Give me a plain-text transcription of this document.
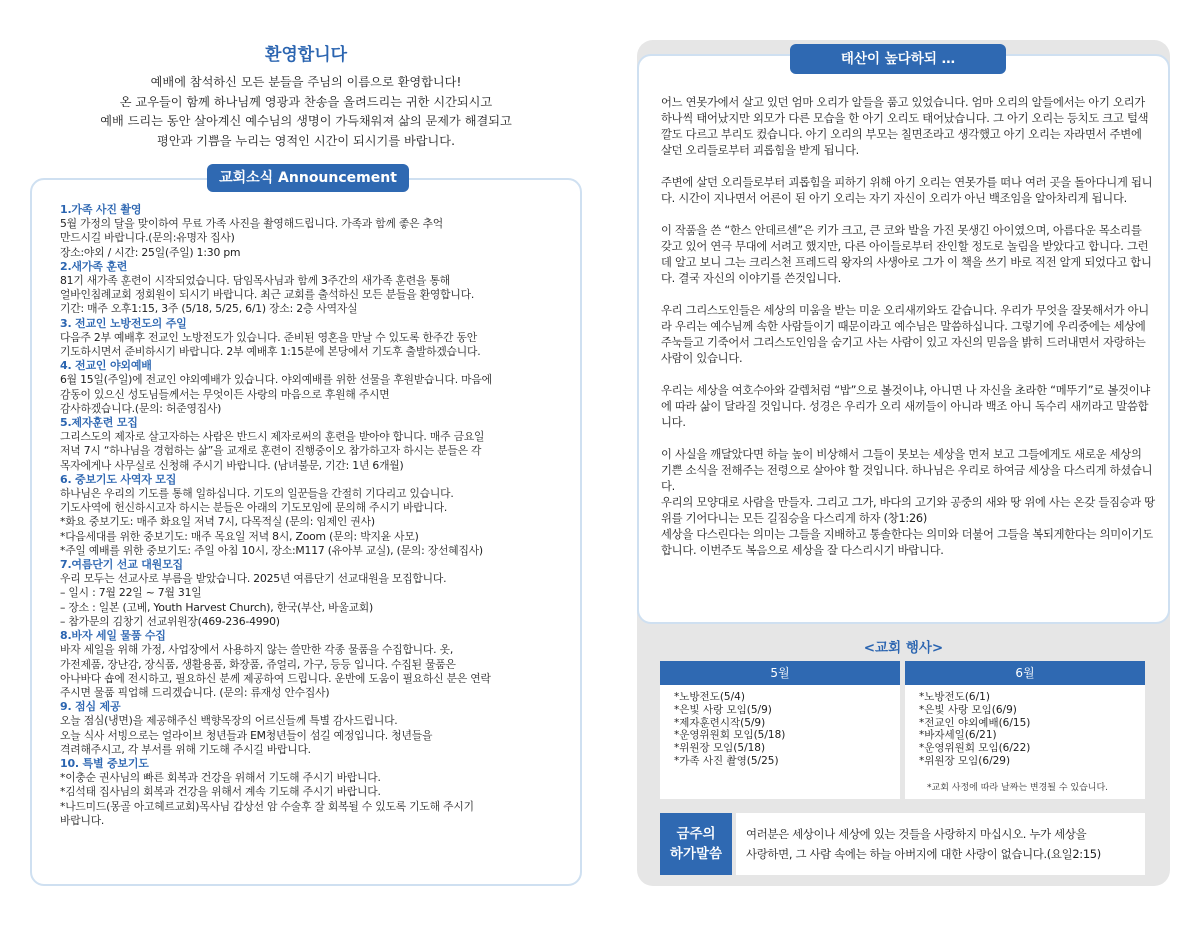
환영합니다
예배에 참석하신 모든 분들을 주님의 이름으로 환영합니다!
온 교우들이 함께 하나님께 영광과 찬송을 올려드리는 귀한 시간되시고
예배 드리는 동안 살아계신 예수님의 생명이 가득채워져 삶의 문제가 해결되고
평안과 기쁨을 누리는 영적인 시간이 되시기를 바랍니다.
교회소식 Announcement
1.가족 사진 촬영
5월 가정의 달을 맞이하여 무료 가족 사진을 촬영해드립니다. 가족과 함께 좋은 추억
만드시길 바랍니다.(문의:유명자 집사)
장소:야외 / 시간: 25일(주일) 1:30 pm
2.새가족 훈련
81기 새가족 훈련이 시작되었습니다. 담임목사님과 함께 3주간의 새가족 훈련을 통해
얼바인침례교회 정회원이 되시기 바랍니다. 최근 교회를 출석하신 모든 분들을 환영합니다.
기간: 매주 오후1:15, 3주 (5/18, 5/25, 6/1) 장소: 2층 사역자실
3. 전교인 노방전도의 주일
다음주 2부 예배후 전교인 노방전도가 있습니다. 준비된 영혼을 만날 수 있도록 한주간 동안
기도하시면서 준비하시기 바랍니다. 2부 예배후 1:15분에 본당에서 기도후 출발하겠습니다.
4. 전교인 야외예배
6월 15일(주일)에 전교인 야외예배가 있습니다. 야외예배를 위한 선물을 후원받습니다. 마음에
감동이 있으신 성도님들께서는 무엇이든 사랑의 마음으로 후원해 주시면
감사하겠습니다.(문의: 허준영집사)
5.제자훈련 모집
그리스도의 제자로 살고자하는 사람은 반드시 제자로써의 훈련을 받아야 합니다. 매주 금요일
저녁 7시 “하나님을 경험하는 삶”을 교재로 훈련이 진행중이오 참가하고자 하시는 분들은 각
목자에게나 사무실로 신청해 주시기 바랍니다. (남녀불문, 기간: 1년 6개월)
6. 중보기도 사역자 모집
하나님은 우리의 기도를 통해 일하십니다. 기도의 일꾼들을 간절히 기다리고 있습니다.
기도사역에 헌신하시고자 하시는 분들은 아래의 기도모임에 문의해 주시기 바랍니다.
*화요 중보기도: 매주 화요일 저녁 7시, 다목적실 (문의: 임제인 권사)
*다음세대를 위한 중보기도: 매주 목요일 저녁 8시, Zoom (문의: 박지윤 사모)
*주일 예배를 위한 중보기도: 주일 아침 10시, 장소:M117 (유아부 교실), (문의: 장선혜집사)
7.여름단기 선교 대원모집
우리 모두는 선교사로 부름을 받았습니다. 2025년 여름단기 선교대원을 모집합니다.
– 일시 : 7월 22일 ~ 7월 31일
– 장소 : 일본 (고베, Youth Harvest Church), 한국(부산, 바울교회)
– 참가문의 김창기 선교위원장(469-236-4990)
8.바자 세일 물품 수집
바자 세일을 위해 가정, 사업장에서 사용하지 않는 쓸만한 각종 물품을 수집합니다. 옷,
가전제품, 장난감, 장식품, 생활용품, 화장품, 쥬얼리, 가구, 등등 입니다. 수집된 물품은
아나바다 숍에 전시하고, 필요하신 분께 제공하여 드립니다. 운반에 도움이 필요하신 분은 연락
주시면 물품 픽업해 드리겠습니다. (문의: 류재성 안수집사)
9. 점심 제공
오늘 점심(냉면)을 제공해주신 백향목장의 어르신들께 특별 감사드립니다.
오늘 식사 서빙으로는 얼라이브 청년들과 EM청년들이 섬길 예정입니다. 청년들을
격려해주시고, 각 부서를 위해 기도해 주시길 바랍니다.
10. 특별 중보기도
*이충순 권사님의 빠른 회복과 건강을 위해서 기도해 주시기 바랍니다.
*김석태 집사님의 회복과 건강을 위해서 계속 기도해 주시기 바랍니다.
*나드미드(몽골 아고헤르교회)목사님 갑상선 암 수술후 잘 회복될 수 있도록 기도해 주시기
바랍니다.
태산이 높다하되 …

어느 연못가에서 살고 있던 엄마 오리가 알들을 품고 있었습니다. 엄마 오리의 알들에서는 아기 오리가 하나씩 태어났지만 외모가 다른 모습을 한 아기 오리도 태어났습니다. 그 아기 오리는 등치도 크고 털색깔도 다르고 부리도 컸습니다. 아기 오리의 부모는 칠면조라고 생각했고 아기 오리는 자라면서 주변에 살던 오리들로부터 괴롭힘을 받게 됩니다.

주변에 살던 오리들로부터 괴롭힘을 피하기 위해 아기 오리는 연못가를 떠나 여러 곳을 돌아다니게 됩니다. 시간이 지나면서 어른이 된 아기 오리는 자기 자신이 오리가 아닌 백조임을 알아차리게 됩니다.

이 작품을 쓴 “한스 안데르센”은 키가 크고, 큰 코와 발을 가진 못생긴 아이였으며, 아름다운 목소리를 갖고 있어 연극 무대에 서려고 했지만, 다른 아이들로부터 잔인할 정도로 놀림을 받았다고 합니다. 그런데 알고 보니 그는 크리스천 프레드릭 왕자의 사생아로 그가 이 책을 쓰기 바로 직전 알게 되었다고 합니다. 결국 자신의 이야기를 쓴것입니다.

우리 그리스도인들은 세상의 미움을 받는 미운 오리새끼와도 같습니다. 우리가 무엇을 잘못해서가 아니라 우리는 예수님께 속한 사람들이기 때문이라고 예수님은 말씀하십니다. 그렇기에 우리중에는 세상에 주눅들고 기죽어서 그리스도인임을 숨기고 사는 사람이 있고 자신의 믿음을 밝히 드러내면서 자랑하는 사람이 있습니다.

우리는 세상을 여호수아와 갈렙처럼 “밥”으로 볼것이냐, 아니면 나 자신을 초라한 “메뚜기”로 볼것이냐에 따라 삶이 달라질 것입니다. 성경은 우리가 오리 새끼들이 아니라 백조 아니 독수리 새끼라고 말씀합니다.

이 사실을 깨달았다면 하늘 높이 비상해서 그들이 못보는 세상을 먼저 보고 그들에게도 새로운 세상의 기쁜 소식을 전해주는 전령으로 살아야 할 것입니다. 하나님은 우리로 하여금 세상을 다스리게 하셨습니다.

우리의 모양대로 사람을 만들자. 그리고 그가, 바다의 고기와 공중의 새와 땅 위에 사는 온갖 들짐승과 땅 위를 기어다니는 모든 길짐승을 다스리게 하자 (창1:26)

세상을 다스린다는 의미는 그들을 지배하고 통솔한다는 의미와 더불어 그들을 복되게한다는 의미이기도 합니다. 이번주도 복음으로 세상을 잘 다스리시기 바랍니다.

<교회 행사>
5월
*노방전도(5/4)
*은빛 사랑 모임(5/9)
*제자훈련시작(5/9)
*운영위원회 모임(5/18)
*위원장 모임(5/18)
*가족 사진 촬영(5/25)
6월
*노방전도(6/1)
*은빛 사랑 모임(6/9)
*전교인 야외예배(6/15)
*바자세일(6/21)
*운영위원회 모임(6/22)
*위원장 모임(6/29)
*교회 사정에 따라 날짜는 변경될 수 있습니다.
금주의
하가말씀
여러분은 세상이나 세상에 있는 것들을 사랑하지 마십시오. 누가 세상을
사랑하면, 그 사람 속에는 하늘 아버지에 대한 사랑이 없습니다.(요일2:15)
